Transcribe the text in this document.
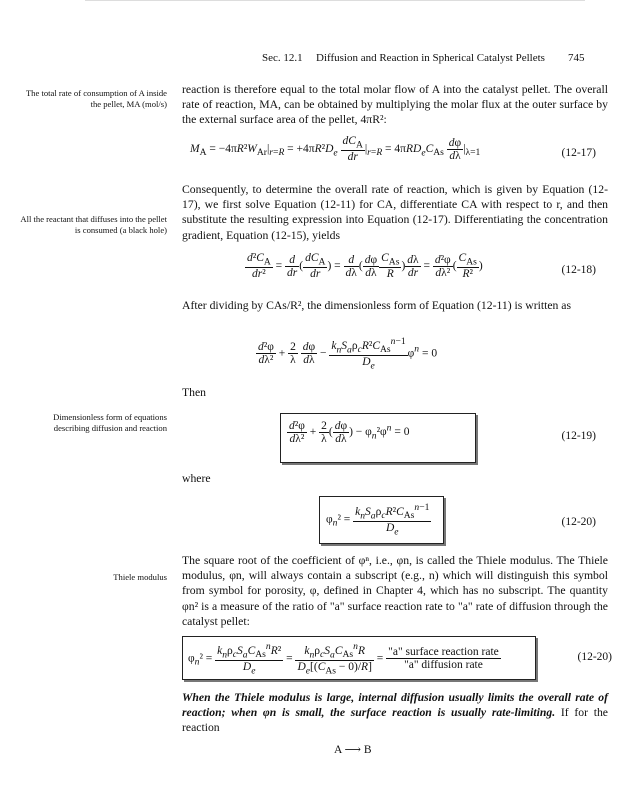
Sec. 12.1 Diffusion and Reaction in Spherical Catalyst Pellets 745
The total rate of consumption of A inside the pellet, MA (mol/s)
All the reactant that diffuses into the pellet is consumed (a black hole)
Dimensionless form of equations describing diffusion and reaction
Thiele modulus
reaction is therefore equal to the total molar flow of A into the catalyst pellet. The overall rate of reaction, MA, can be obtained by multiplying the molar flux at the outer surface by the external surface area of the pellet, 4πR²:
$M_A = -4\pi R^2W_{Ar}|_{r=R} = +4\pi R^2D_e \frac{dC_A}{dr} |_{r=R} = 4\pi RD_eC_{As} \frac{d\varphi}{d\lambda} |_{\lambda=1}$	(12-17)
Consequently, to determine the overall rate of reaction, which is given by Equation (12-17), we first solve Equation (12-11) for CA, differentiate CA with respect to r, and then substitute the resulting expression into Equation (12-17). Differentiating the concentration gradient, Equation (12-15), yields
$\frac{d^2C_A}{\text{dr²}} = \frac{d}{dr}$ ( $\frac{dC_A}{dr}$ ) = $\frac{d}{d\lambda}$ ( $\frac{d\varphi}{d\lambda} \frac{C_{As}}{R}$ ) $\frac{d\lambda}{dr} = \frac{\text{d²φ}}{\text{dλ²}}$ ( $\frac{C_{As}}{\text{R²}}$ )	(12-18)
After dividing by CAs/R², the dimensionless form of Equation (12-11) is written as
$\frac{\text{d²φ}}{\text{dλ²}} + \frac{2}{\lambda}$
$\frac{d\varphi}{d\lambda} - \frac{k_nS_a\rho_cR^2C_{As}^{n-1}}{D_e} \varphi^n = 0$
Then
$\frac{\text{d²φ}}{\text{dλ²}} + \frac{2}{\lambda}$ ( $\frac{d\varphi}{d\lambda}$ ) − $\varphi_n^2\varphi^n = 0$	(12-19)
where
$\varphi_n^2 = \frac{k_nS_a\rho_cR^2C_{As}^{n-1}}{D_e}$	(12-20)
The square root of the coefficient of φⁿ, i.e., φn, is called the Thiele modulus. The Thiele modulus, φn, will always contain a subscript (e.g., n) which will distinguish this symbol from symbol for porosity, φ, defined in Chapter 4, which has no subscript. The quantity φn² is a measure of the ratio of "a" surface reaction rate to "a" rate of diffusion through the catalyst pellet:
$\varphi_n^2 = \frac{k_n\rho_cS_aC_{As}^nR^2}{D_e} = \frac{k_n\rho_cS_aC_{As}^nR}{D_e[(C_{As} - 0)/R]} = \frac{\text{"a" surface reaction rate}}{\text{"a" diffusion rate}}$	(12-20)
When the Thiele modulus is large, internal diffusion usually limits the overall rate of reaction; when φn is small, the surface reaction is usually rate-limiting. If for the reaction
A ⟶ B
